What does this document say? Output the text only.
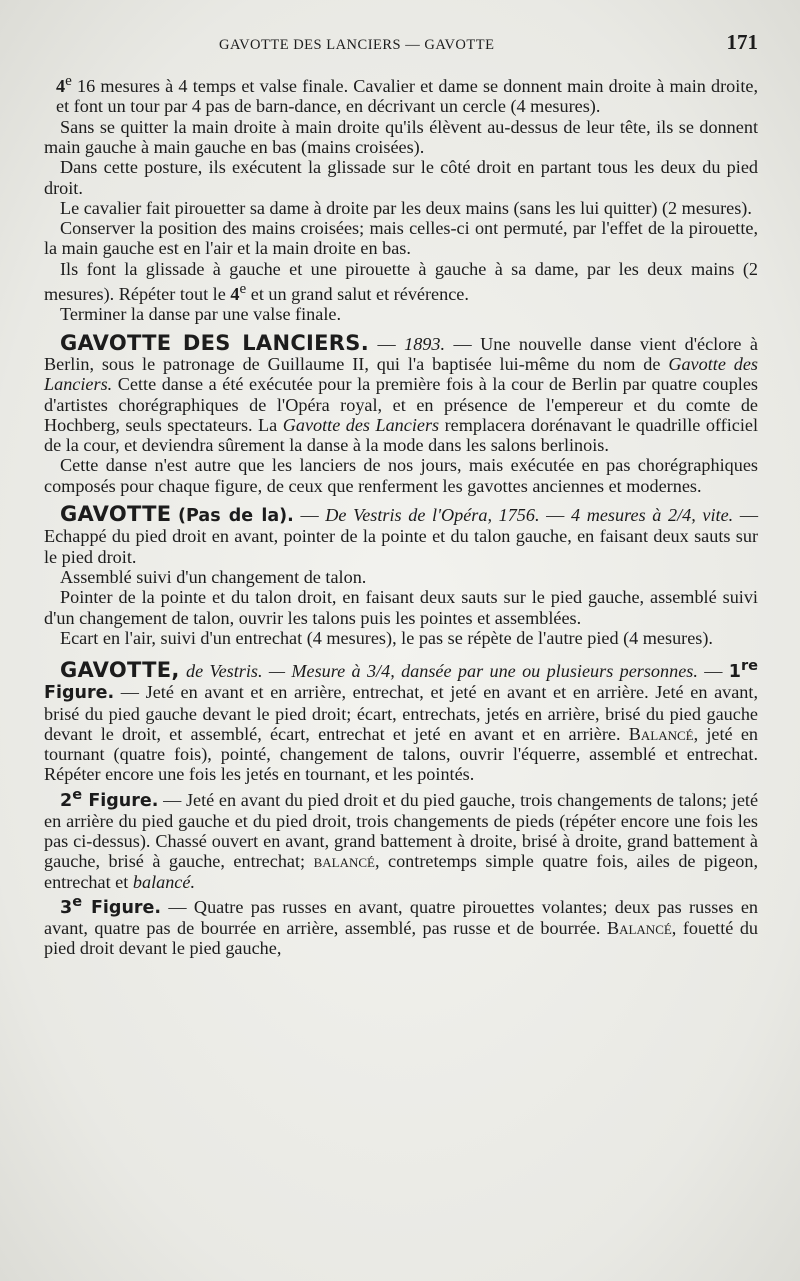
GAVOTTE DES LANCIERS — GAVOTTE	171

4e 16 mesures à 4 temps et valse finale. Cavalier et dame se donnent main droite à main droite, et font un tour par 4 pas de barn-dance, en décrivant un cercle (4 mesures).

Sans se quitter la main droite à main droite qu'ils élèvent au-dessus de leur tête, ils se donnent main gauche à main gauche en bas (mains croisées).

Dans cette posture, ils exécutent la glissade sur le côté droit en partant tous les deux du pied droit.

Le cavalier fait pirouetter sa dame à droite par les deux mains (sans les lui quitter) (2 mesures).

Conserver la position des mains croisées; mais celles-ci ont permuté, par l'effet de la pirouette, la main gauche est en l'air et la main droite en bas.

Ils font la glissade à gauche et une pirouette à gauche à sa dame, par les deux mains (2 mesures). Répéter tout le 4e et un grand salut et révérence.

Terminer la danse par une valse finale.

GAVOTTE DES LANCIERS. — 1893. — Une nouvelle danse vient d'éclore à Berlin, sous le patronage de Guillaume II, qui l'a baptisée lui-même du nom de Gavotte des Lanciers. Cette danse a été exécutée pour la première fois à la cour de Berlin par quatre couples d'artistes chorégraphiques de l'Opéra royal, et en présence de l'empereur et du comte de Hochberg, seuls spectateurs. La Gavotte des Lanciers remplacera dorénavant le quadrille officiel de la cour, et deviendra sûrement la danse à la mode dans les salons berlinois.

Cette danse n'est autre que les lanciers de nos jours, mais exécutée en pas chorégraphiques composés pour chaque figure, de ceux que renferment les gavottes anciennes et modernes.

GAVOTTE (Pas de la). — De Vestris de l'Opéra, 1756. — 4 mesures à 2/4, vite. — Echappé du pied droit en avant, pointer de la pointe et du talon gauche, en faisant deux sauts sur le pied droit.

Assemblé suivi d'un changement de talon.

Pointer de la pointe et du talon droit, en faisant deux sauts sur le pied gauche, assemblé suivi d'un changement de talon, ouvrir les talons puis les pointes et assemblées.

Ecart en l'air, suivi d'un entrechat (4 mesures), le pas se répète de l'autre pied (4 mesures).

GAVOTTE, de Vestris. — Mesure à 3/4, dansée par une ou plusieurs personnes. — 1re Figure. — Jeté en avant et en arrière, entrechat, et jeté en avant et en arrière. Jeté en avant, brisé du pied gauche devant le pied droit; écart, entrechats, jetés en arrière, brisé du pied gauche devant le droit, et assemblé, écart, entrechat et jeté en avant et en arrière. Balancé, jeté en tournant (quatre fois), pointé, changement de talons, ouvrir l'équerre, assemblé et entrechat. Répéter encore une fois les jetés en tournant, et les pointés.

2e Figure. — Jeté en avant du pied droit et du pied gauche, trois changements de talons; jeté en arrière du pied gauche et du pied droit, trois changements de pieds (répéter encore une fois les pas ci-dessus). Chassé ouvert en avant, grand battement à droite, brisé à droite, grand battement à gauche, brisé à gauche, entrechat; balancé, contretemps simple quatre fois, ailes de pigeon, entrechat et balancé.

3e Figure. — Quatre pas russes en avant, quatre pirouettes volantes; deux pas russes en avant, quatre pas de bourrée en arrière, assemblé, pas russe et de bourrée. Balancé, fouetté du pied droit devant le pied gauche,
